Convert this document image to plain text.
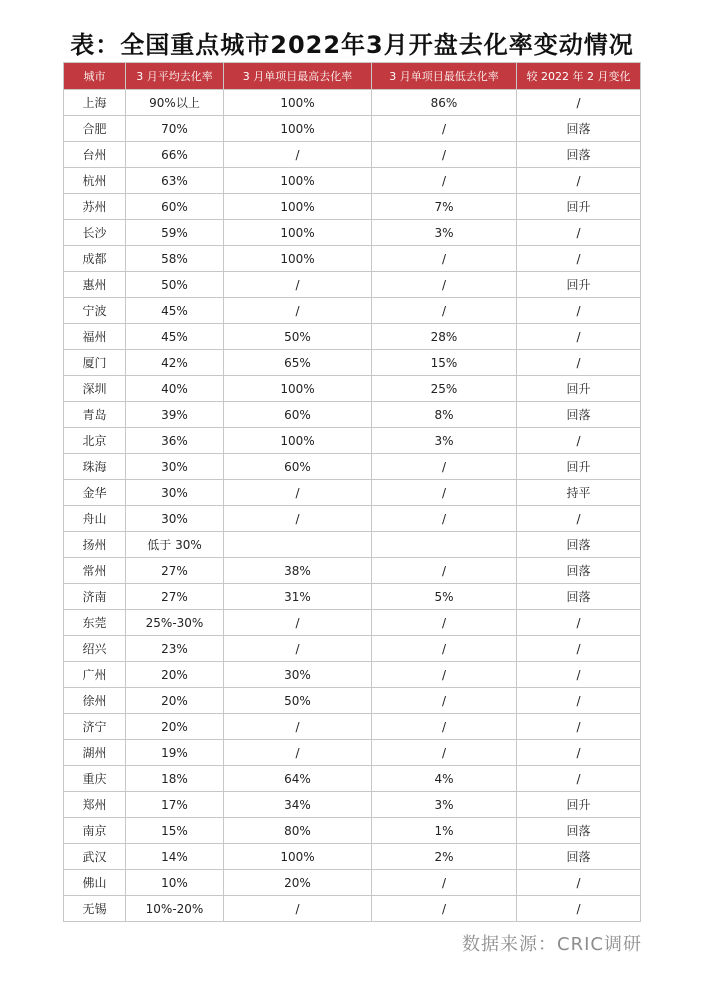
表：全国重点城市2022年3月开盘去化率变动情况
城市	3 月平均去化率	3 月单项目最高去化率	3 月单项目最低去化率	较 2022 年 2 月变化
上海	90%以上	100%	86%	/
合肥	70%	100%	/	回落
台州	66%	/	/	回落
杭州	63%	100%	/	/
苏州	60%	100%	7%	回升
长沙	59%	100%	3%	/
成都	58%	100%	/	/
惠州	50%	/	/	回升
宁波	45%	/	/	/
福州	45%	50%	28%	/
厦门	42%	65%	15%	/
深圳	40%	100%	25%	回升
青岛	39%	60%	8%	回落
北京	36%	100%	3%	/
珠海	30%	60%	/	回升
金华	30%	/	/	持平
舟山	30%	/	/	/
扬州	低于 30%			回落
常州	27%	38%	/	回落
济南	27%	31%	5%	回落
东莞	25%-30%	/	/	/
绍兴	23%	/	/	/
广州	20%	30%	/	/
徐州	20%	50%	/	/
济宁	20%	/	/	/
湖州	19%	/	/	/
重庆	18%	64%	4%	/
郑州	17%	34%	3%	回升
南京	15%	80%	1%	回落
武汉	14%	100%	2%	回落
佛山	10%	20%	/	/
无锡	10%-20%	/	/	/
数据来源：CRIC调研
